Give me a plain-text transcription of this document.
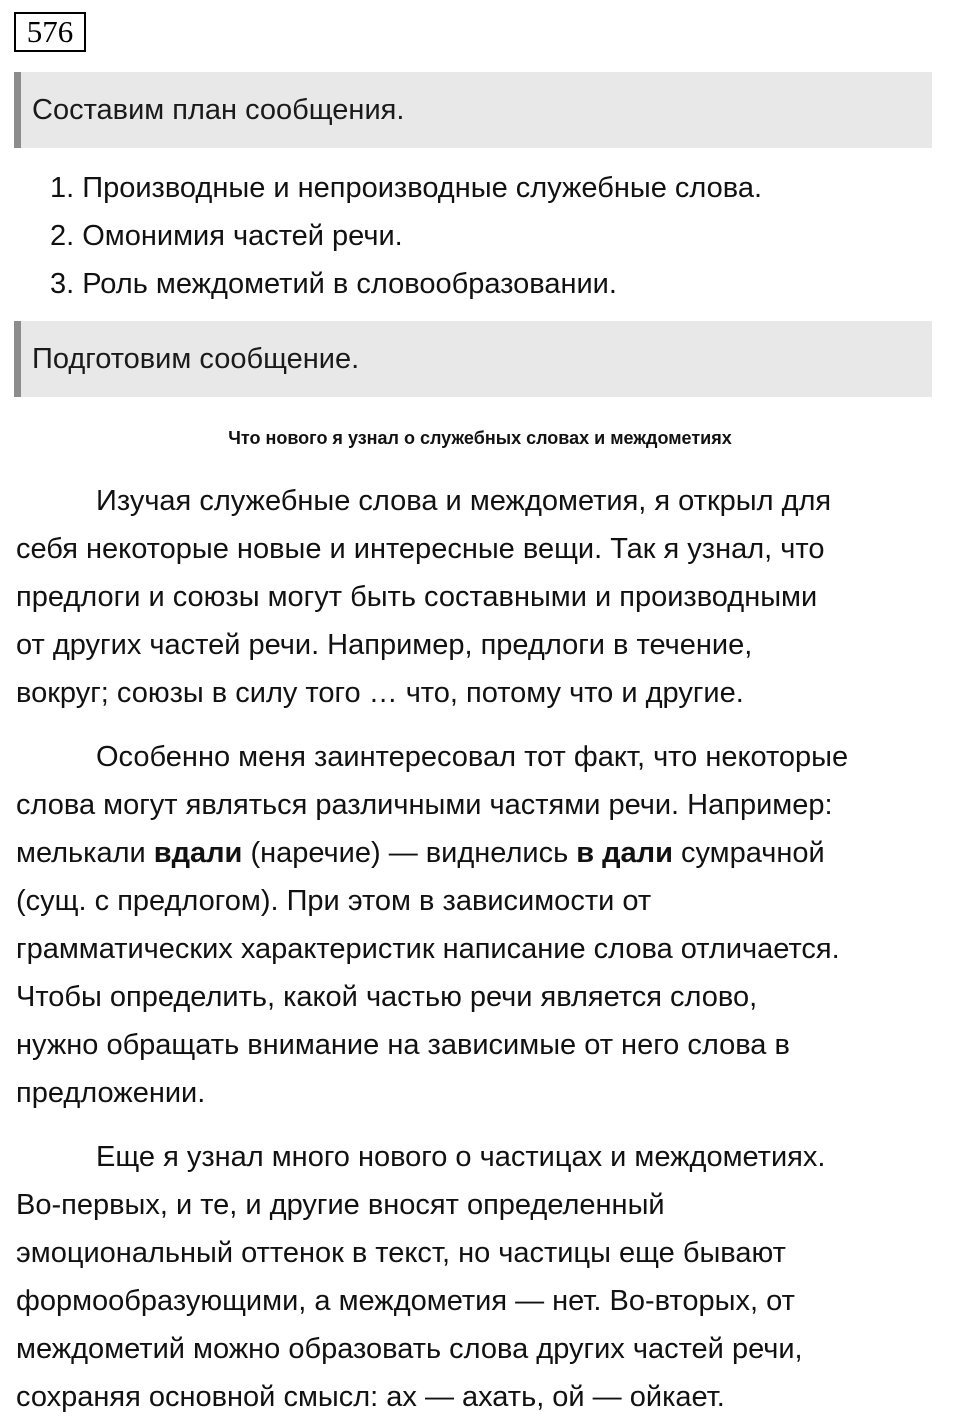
576
Составим план сообщения.
1. Производные и непроизводные служебные слова.
2. Омонимия частей речи.
3. Роль междометий в словообразовании.
Подготовим сообщение.
Что нового я узнал о служебных словах и междометиях

Изучая служебные слова и междометия, я открыл для
себя некоторые новые и интересные вещи. Так я узнал, что
предлоги и союзы могут быть составными и производными
от других частей речи. Например, предлоги в течение,
вокруг; союзы в силу того … что, потому что и другие.

Особенно меня заинтересовал тот факт, что некоторые
слова могут являться различными частями речи. Например:
мелькали вдали (наречие) — виднелись в дали сумрачной
(сущ. с предлогом). При этом в зависимости от
грамматических характеристик написание слова отличается.
Чтобы определить, какой частью речи является слово,
нужно обращать внимание на зависимые от него слова в
предложении.

Еще я узнал много нового о частицах и междометиях.
Во-первых, и те, и другие вносят определенный
эмоциональный оттенок в текст, но частицы еще бывают
формообразующими, а междометия — нет. Во-вторых, от
междометий можно образовать слова других частей речи,
сохраняя основной смысл: ах — ахать, ой — ойкает.
